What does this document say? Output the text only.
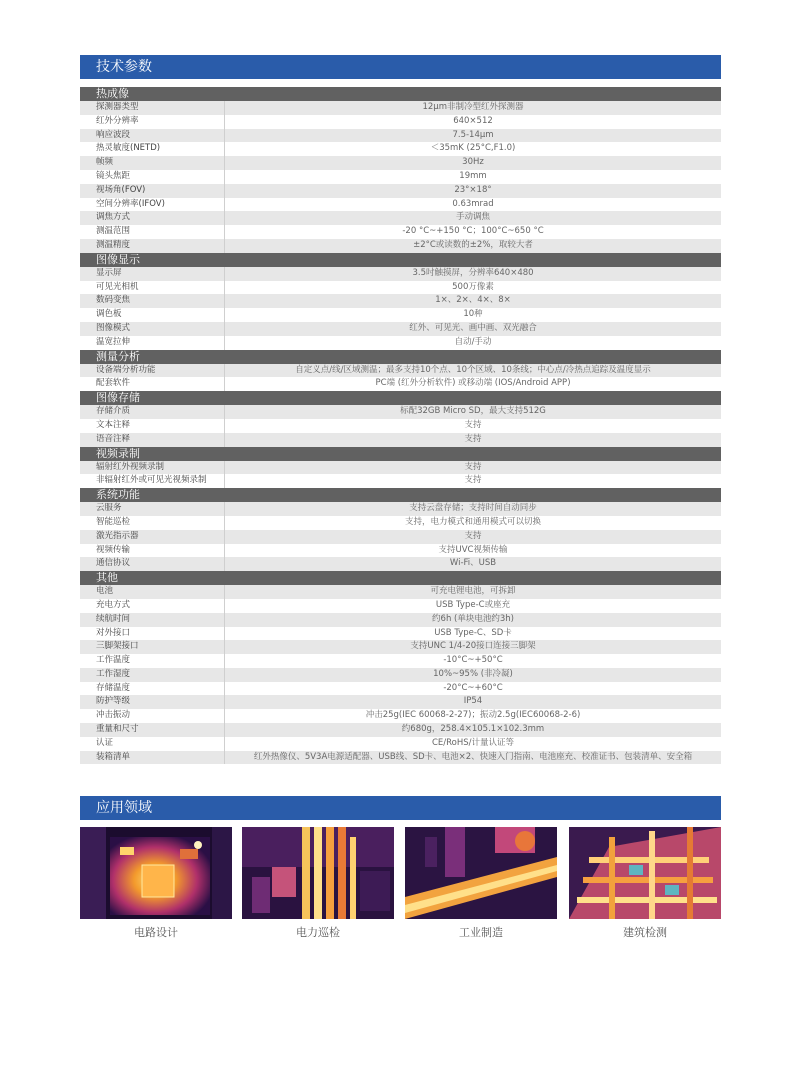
技术参数
热成像
探测器类型	12μm非制冷型红外探测器
红外分辨率	640×512
响应波段	7.5-14μm
热灵敏度(NETD)	＜35mK (25°C,F1.0)
帧频	30Hz
镜头焦距	19mm
视场角(FOV)	23°×18°
空间分辨率(IFOV)	0.63mrad
调焦方式	手动调焦
测温范围	-20 °C~+150 °C；100°C~650 °C
测温精度	±2°C或读数的±2%，取较大者
图像显示
显示屏	3.5吋触摸屏，分辨率640×480
可见光相机	500万像素
数码变焦	1×、2×、4×、8×
调色板	10种
图像模式	红外、可见光、画中画、双光融合
温宽拉伸	自动/手动
测量分析
设备端分析功能	自定义点/线/区域测温；最多支持10个点、10个区域、10条线；中心点/冷热点追踪及温度显示
配套软件	PC端 (红外分析软件) 或移动端 (IOS/Android APP)
图像存储
存储介质	标配32GB Micro SD，最大支持512G
文本注释	支持
语音注释	支持
视频录制
辐射红外视频录制	支持
非辐射红外或可见光视频录制	支持
系统功能
云服务	支持云盘存储；支持时间自动同步
智能巡检	支持，电力模式和通用模式可以切换
激光指示器	支持
视频传输	支持UVC视频传输
通信协议	Wi-Fi、USB
其他
电池	可充电锂电池，可拆卸
充电方式	USB Type-C或座充
续航时间	约6h (单块电池约3h)
对外接口	USB Type-C、SD卡
三脚架接口	支持UNC 1/4-20接口连接三脚架
工作温度	-10°C~+50°C
工作湿度	10%~95% (非冷凝)
存储温度	-20°C~+60°C
防护等级	IP54
冲击振动	冲击25g(IEC 60068-2-27)；振动2.5g(IEC60068-2-6)
重量和尺寸	约680g，258.4×105.1×102.3mm
认证	CE/RoHS/计量认证等
装箱清单	红外热像仪、5V3A电源适配器、USB线、SD卡、电池×2、快速入门指南、电池座充、校准证书、包装清单、安全箱
应用领域
电路设计	电力巡检	工业制造	建筑检测
